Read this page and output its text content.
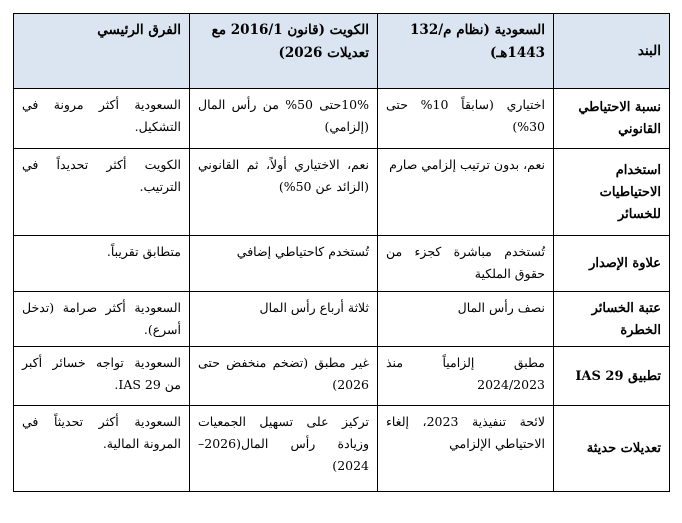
البند	السعودية (نظام م/132 1443هـ)	الكويت (قانون 2016/1 مع تعديلات 2026)	الفرق الرئيسي
نسبة الاحتياطي القانوني	اختياري (سابقاً 10% حتى 30%)	10%حتى 50% من رأس المال (إلزامي)	السعودية أكثر مرونة في التشكيل.
استخدام الاحتياطيات للخسائر	نعم، بدون ترتيب إلزامي صارم	نعم، الاختياري أولاً، ثم القانوني (الزائد عن 50%)	الكويت أكثر تحديداً في الترتيب.
علاوة الإصدار	تُستخدم مباشرة كجزء من حقوق الملكية	تُستخدم كاحتياطي إضافي	متطابق تقريباً.
عتبة الخسائر الخطرة	نصف رأس المال	ثلاثة أرباع رأس المال	السعودية أكثر صرامة (تدخل أسرع).
تطبيق IAS 29	مطبق إلزامياً منذ 2024/2023	غير مطبق (تضخم منخفض حتى 2026)	السعودية تواجه خسائر أكبر من IAS 29.
تعديلات حديثة	لائحة تنفيذية 2023، إلغاء الاحتياطي الإلزامي	تركيز على تسهيل الجمعيات وزيادة رأس المال(2026–2024)	السعودية أكثر تحديثاً في المرونة المالية.
